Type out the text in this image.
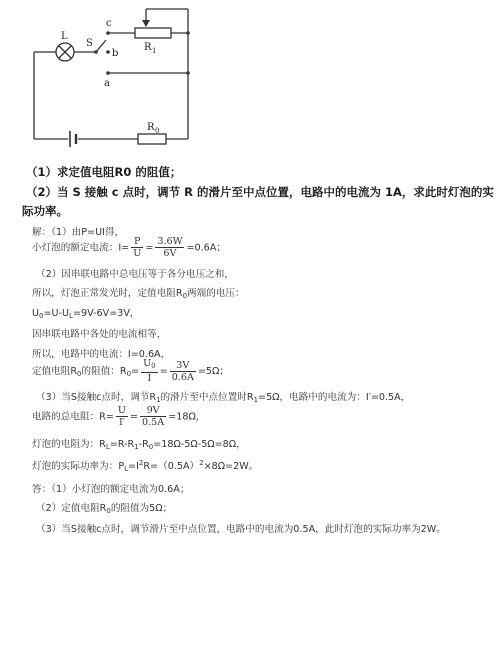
L
S
c
b
a
R 1
R 0
（1）求定值电阻R0 的阻值；
（2）当 S 接触 c 点时，调节 R 的滑片至中点位置，电路中的电流为 1A，求此时灯泡的实
际功率。
解：（1）由P=UI得，
小灯泡的额定电流：$I= \frac{P}{U} = \frac{3.6W}{6V} =0.6A$；
（2）因串联电路中总电压等于各分电压之和，
所以，灯泡正常发光时，定值电阻$R_0$两端的电压：
$U_0=U-U_L=9V-6V=3V$，
因串联电路中各处的电流相等，
所以，电路中的电流：I=0.6A，
定值电阻$R_0$的阻值：$R_0= \frac{U_0}{I} = \frac{3V}{0.6A} =5\Omega$；
（3）当S接触c点时，调节$R_1$的滑片至中点位置时$R_1=5\Omega$，电路中的电流为：I′=0.5A，
电路的总电阻：$R= \frac{U}{I'} = \frac{9V}{0.5A} =18\Omega$，
灯泡的电阻为：$R_L=R-R_1-R_0=18\Omega-5\Omega-5\Omega=8\Omega$，
灯泡的实际功率为：$P_L=I^2R=(0.5A)^2\times 8\Omega=2W$。
答：（1）小灯泡的额定电流为0.6A；
（2）定值电阻$R_0$的阻值为5Ω；
（3）当S接触c点时，调节滑片至中点位置，电路中的电流为0.5A，此时灯泡的实际功率为2W。
